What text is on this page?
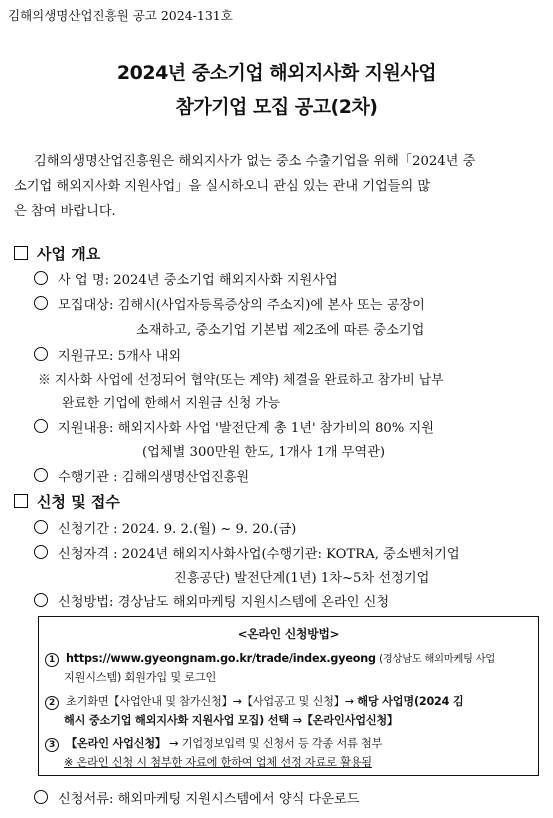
김해의생명산업진흥원 공고 2024-131호
2024년 중소기업 해외지사화 지원사업
참가기업 모집 공고(2차)
김해의생명산업진흥원은 해외지사가 없는 중소 수출기업을 위해「2024년 중
소기업 해외지사화 지원사업」을 실시하오니 관심 있는 관내 기업들의 많
은 참여 바랍니다.
사업 개요
사 업 명: 2024년 중소기업 해외지사화 지원사업
모집대상: 김해시(사업자등록증상의 주소지)에 본사 또는 공장이
소재하고, 중소기업 기본법 제2조에 따른 중소기업
지원규모: 5개사 내외
※ 지사화 사업에 선정되어 협약(또는 계약) 체결을 완료하고 참가비 납부
완료한 기업에 한해서 지원금 신청 가능
지원내용: 해외지사화 사업 '발전단계 총 1년' 참가비의 80% 지원
(업체별 300만원 한도, 1개사 1개 무역관)
수행기관 : 김해의생명산업진흥원
신청 및 접수
신청기간 : 2024. 9. 2.(월) ~ 9. 20.(금)
신청자격 : 2024년 해외지사화사업(수행기관: KOTRA, 중소벤처기업
진흥공단) 발전단계(1년) 1차~5차 선정기업
신청방법: 경상남도 해외마케팅 지원시스템에 온라인 신청
<온라인 신청방법>
1 https://www.gyeongnam.go.kr/trade/index.gyeong (경상남도 해외마케팅 사업
지원시스템) 회원가입 및 로그인
2 초기화면【사업안내 및 참가신청】→【사업공고 및 신청】→ 해당 사업명(2024 김
해시 중소기업 해외지사화 지원사업 모집) 선택 ⇒【온라인사업신청】
3 【온라인 사업신청】 → 기업정보입력 및 신청서 등 각종 서류 첨부
※ 온라인 신청 시 첨부한 자료에 한하여 업체 선정 자료로 활용됨
신청서류: 해외마케팅 지원시스템에서 양식 다운로드
